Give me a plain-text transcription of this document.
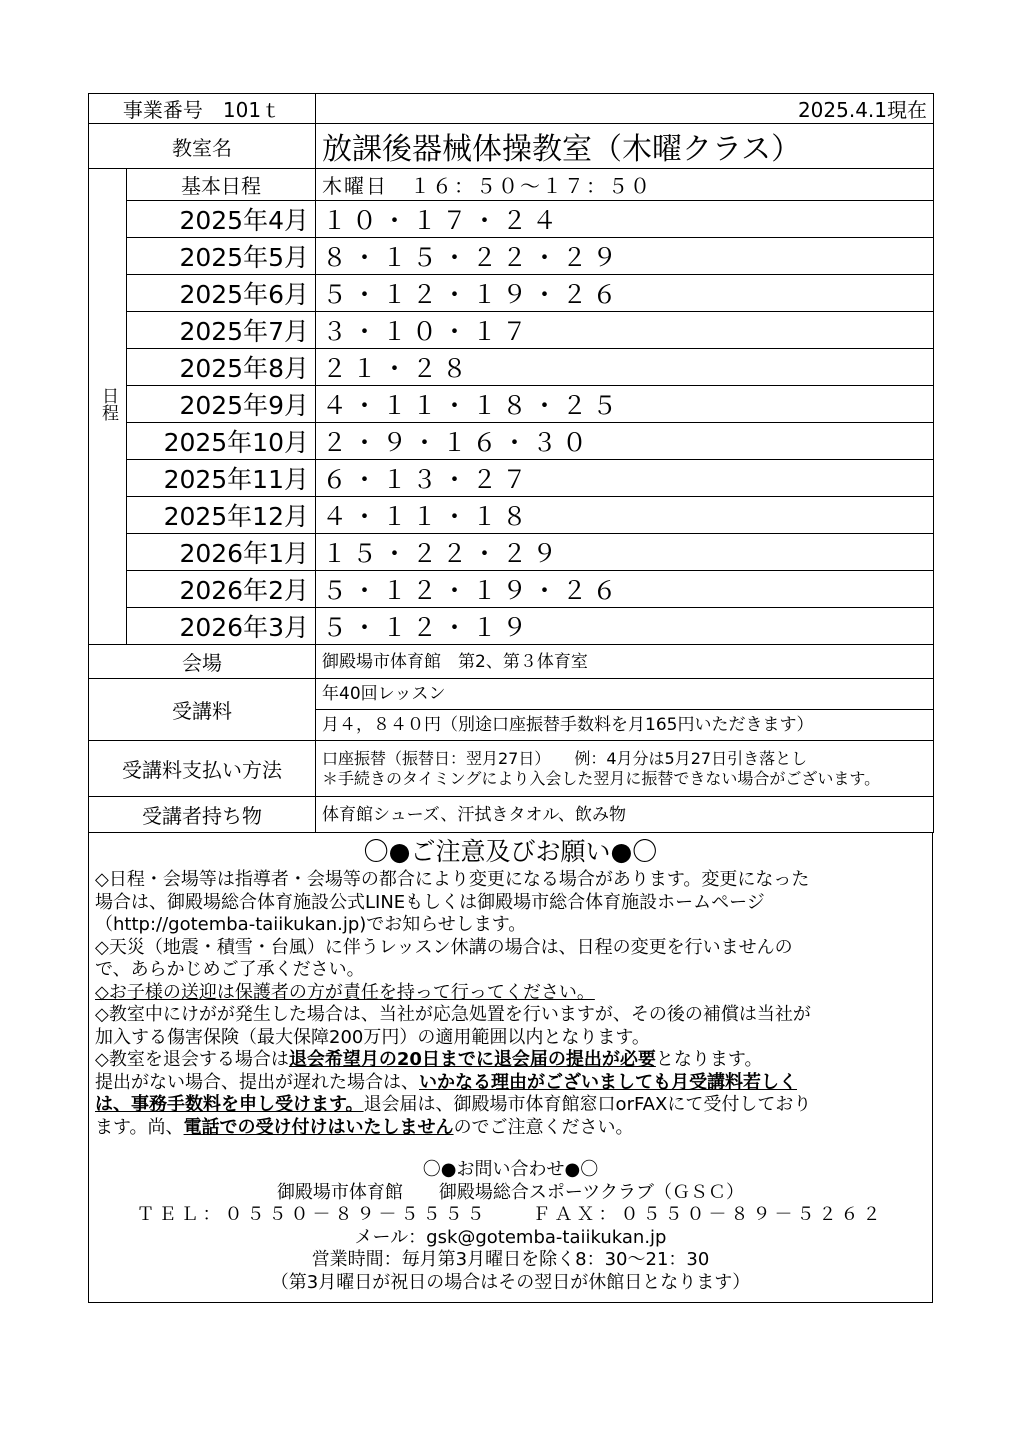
事業番号　101ｔ		2025.4.1現在
教室名		放課後器械体操教室（木曜クラス）
日程	基本日程	木曜日　１６：５０～１７：５０
	2025年4月	１０・１７・２４
	2025年5月	８・１５・２２・２９
	2025年6月	５・１２・１９・２６
	2025年7月	３・１０・１７
	2025年8月	２１・２８
	2025年9月	４・１１・１８・２５
	2025年10月	２・９・１６・３０
	2025年11月	６・１３・２７
	2025年12月	４・１１・１８
	2026年1月	１５・２２・２９
	2026年2月	５・１２・１９・２６
	2026年3月	５・１２・１９
会場		御殿場市体育館　第2、第３体育室
受講料		年40回レッスン
		月４，８４０円（別途口座振替手数料を月165円いただきます）
受講料支払い方法		口座振替（振替日：翌月27日）　　例：4月分は5月27日引き落とし
＊手続きのタイミングにより入会した翌月に振替できない場合がございます。

受講者持ち物		体育館シューズ、汗拭きタオル、飲み物
〇●ご注意及びお願い●〇

◇日程・会場等は指導者・会場等の都合により変更になる場合があります。変更になった

場合は、御殿場総合体育施設公式LINEもしくは御殿場市総合体育施設ホームページ

（http://gotemba-taiikukan.jp)でお知らせします。

◇天災（地震・積雪・台風）に伴うレッスン休講の場合は、日程の変更を行いませんの

で、あらかじめご了承ください。

◇お子様の送迎は保護者の方が責任を持って行ってください。

◇教室中にけがが発生した場合は、当社が応急処置を行いますが、その後の補償は当社が

加入する傷害保険（最大保障200万円）の適用範囲以内となります。

◇教室を退会する場合は退会希望月の20日までに退会届の提出が必要となります。

提出がない場合、提出が遅れた場合は、いかなる理由がございましても月受講料若しく

は、事務手数料を申し受けます。退会届は、御殿場市体育館窓口orFAXにて受付しており

ます。尚、電話での受け付けはいたしませんのでご注意ください。

〇●お問い合わせ●〇
御殿場市体育館　　御殿場総合スポーツクラブ（ＧＳＣ）
ＴＥＬ：０５５０－８９－５５５５　　ＦＡＸ：０５５０－８９－５２６２
メール：gsk@gotemba-taiikukan.jp
営業時間：毎月第3月曜日を除く8：30～21：30
（第3月曜日が祝日の場合はその翌日が休館日となります）
